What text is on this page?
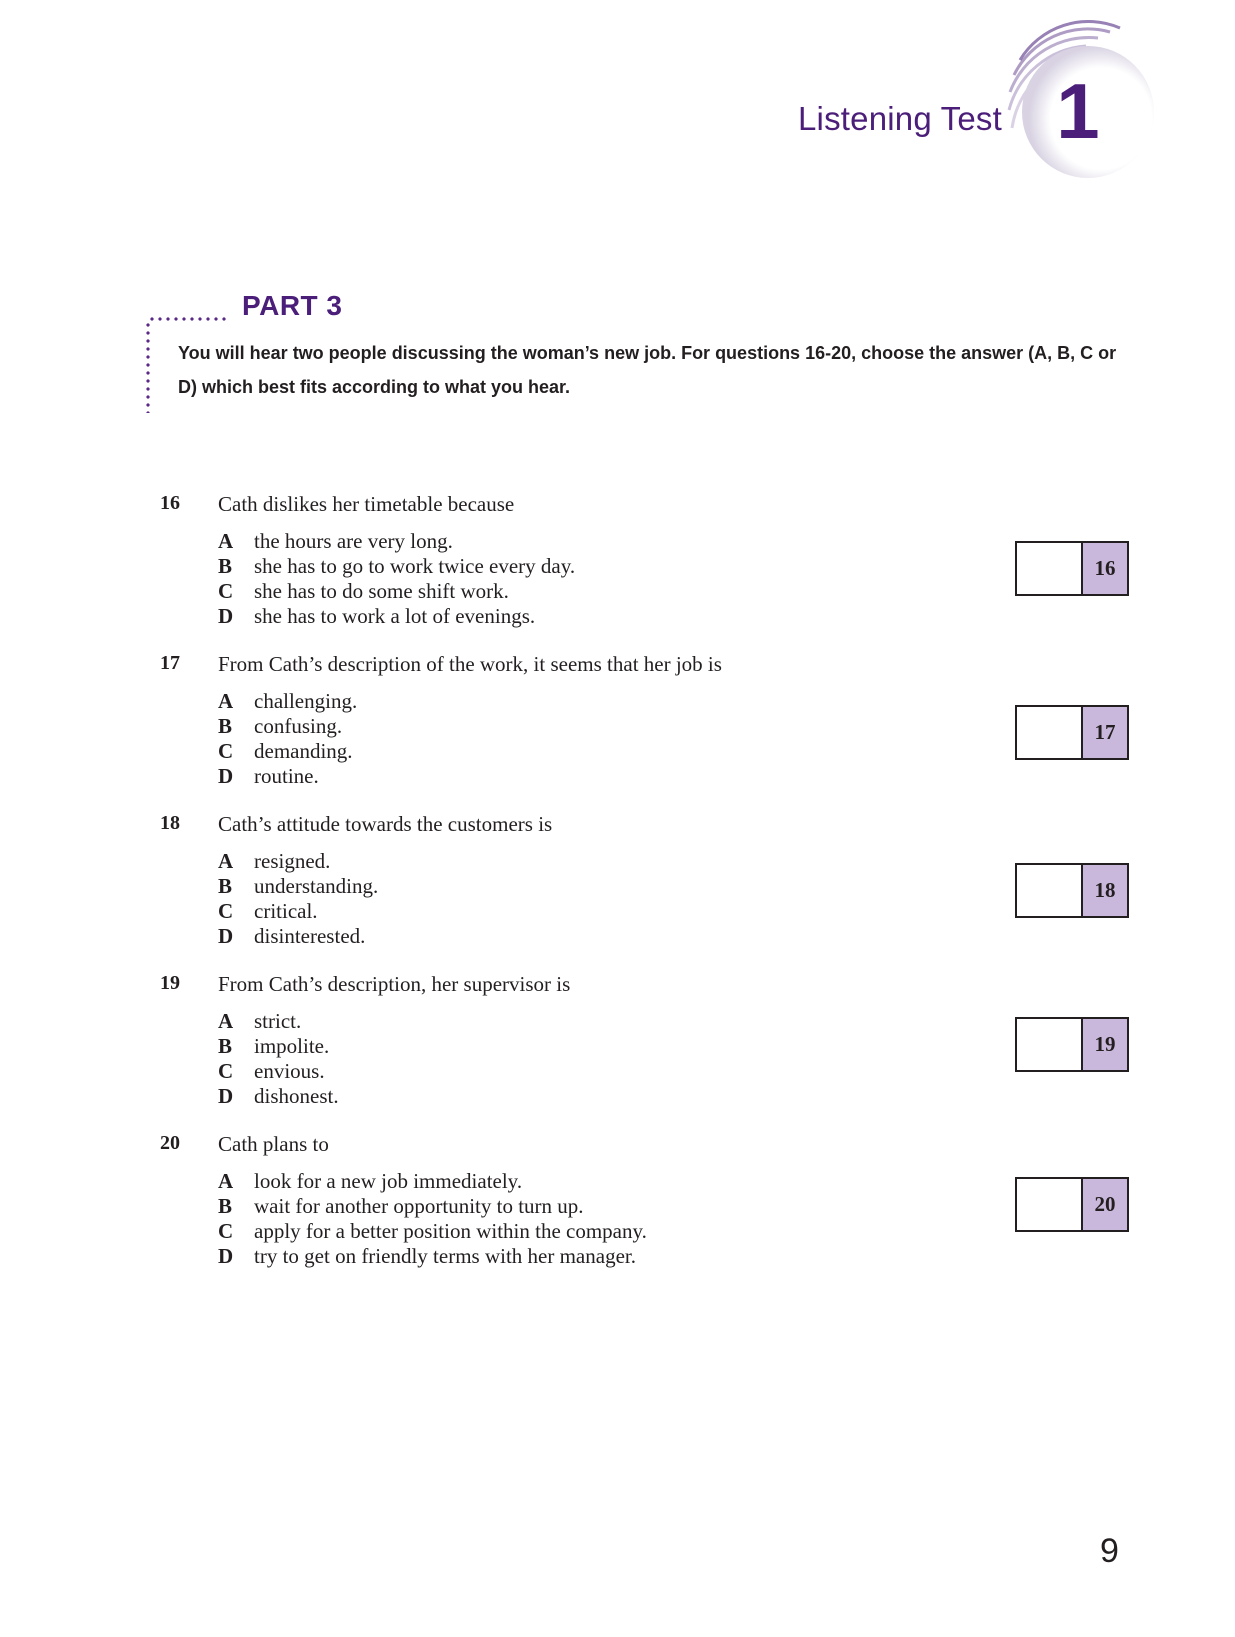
Listening Test 1
PART 3
You will hear two people discussing the woman’s new job. For questions 16-20, choose the answer (A, B, C or D) which best fits according to what you hear.
16 Cath dislikes her timetable because
A the hours are very long.
B she has to go to work twice every day.
C she has to do some shift work.
D she has to work a lot of evenings.
16
17 From Cath’s description of the work, it seems that her job is
A challenging.
B confusing.
C demanding.
D routine.
17
18 Cath’s attitude towards the customers is
A resigned.
B understanding.
C critical.
D disinterested.
18
19 From Cath’s description, her supervisor is
A strict.
B impolite.
C envious.
D dishonest.
19
20 Cath plans to
A look for a new job immediately.
B wait for another opportunity to turn up.
C apply for a better position within the company.
D try to get on friendly terms with her manager.
20
9
